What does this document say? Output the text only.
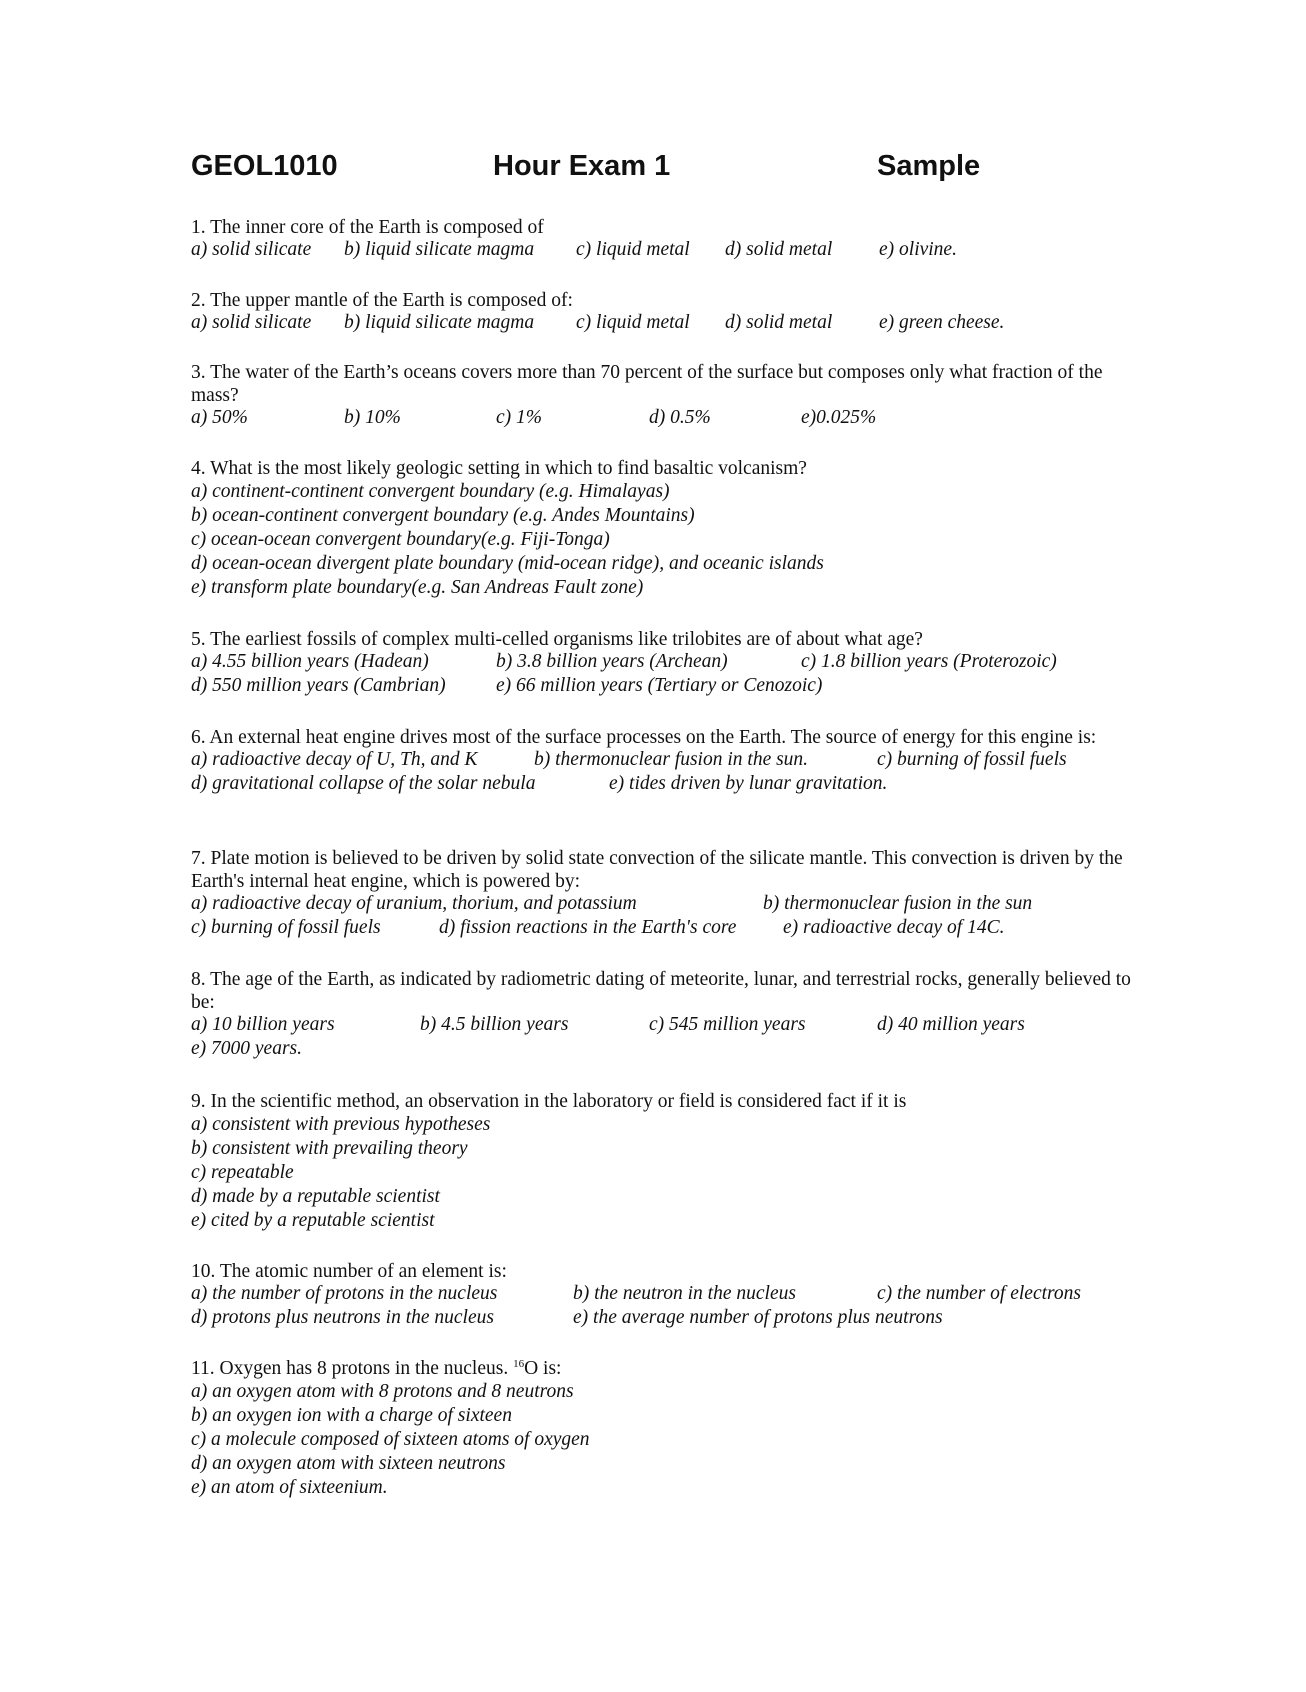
GEOL1010	Hour Exam 1	Sample
1. The inner core of the Earth is composed of
a) solid silicate b) liquid silicate magma c) liquid metal d) solid metal e) olivine.
2. The upper mantle of the Earth is composed of:
a) solid silicate b) liquid silicate magma c) liquid metal d) solid metal e) green cheese.
3. The water of the Earth’s oceans covers more than 70 percent of the surface but composes only what fraction of the mass?
a) 50%	b) 10%	c) 1%	d) 0.5%	e)0.025%
4. What is the most likely geologic setting in which to find basaltic volcanism?
a) continent-continent convergent boundary (e.g. Himalayas)
b) ocean-continent convergent boundary (e.g. Andes Mountains)
c) ocean-ocean convergent boundary(e.g. Fiji-Tonga)
d) ocean-ocean divergent plate boundary (mid-ocean ridge), and oceanic islands
e) transform plate boundary(e.g. San Andreas Fault zone)
5. The earliest fossils of complex multi-celled organisms like trilobites are of about what age?
a) 4.55 billion years (Hadean)	b) 3.8 billion years (Archean)	c) 1.8 billion years (Proterozoic)
d) 550 million years (Cambrian)	e) 66 million years (Tertiary or Cenozoic)
6. An external heat engine drives most of the surface processes on the Earth. The source of energy for this engine is:
a) radioactive decay of U, Th, and K	b) thermonuclear fusion in the sun.	c) burning of fossil fuels
d) gravitational collapse of the solar nebula	e) tides driven by lunar gravitation.
7. Plate motion is believed to be driven by solid state convection of the silicate mantle. This convection is driven by the Earth's internal heat engine, which is powered by:
a) radioactive decay of uranium, thorium, and potassium	b) thermonuclear fusion in the sun
c) burning of fossil fuels	d) fission reactions in the Earth's core e) radioactive decay of 14C.
8. The age of the Earth, as indicated by radiometric dating of meteorite, lunar, and terrestrial rocks, generally believed to be:
a) 10 billion years	b) 4.5 billion years	c) 545 million years	d) 40 million years
e) 7000 years.
9. In the scientific method, an observation in the laboratory or field is considered fact if it is
a) consistent with previous hypotheses
b) consistent with prevailing theory
c) repeatable
d) made by a reputable scientist
e) cited by a reputable scientist
10. The atomic number of an element is:
a) the number of protons in the nucleus	b) the neutron in the nucleus	c) the number of electrons
d) protons plus neutrons in the nucleus	e) the average number of protons plus neutrons
11. Oxygen has 8 protons in the nucleus. $^{16}$O is:
a) an oxygen atom with 8 protons and 8 neutrons
b) an oxygen ion with a charge of sixteen
c) a molecule composed of sixteen atoms of oxygen
d) an oxygen atom with sixteen neutrons
e) an atom of sixteenium.
